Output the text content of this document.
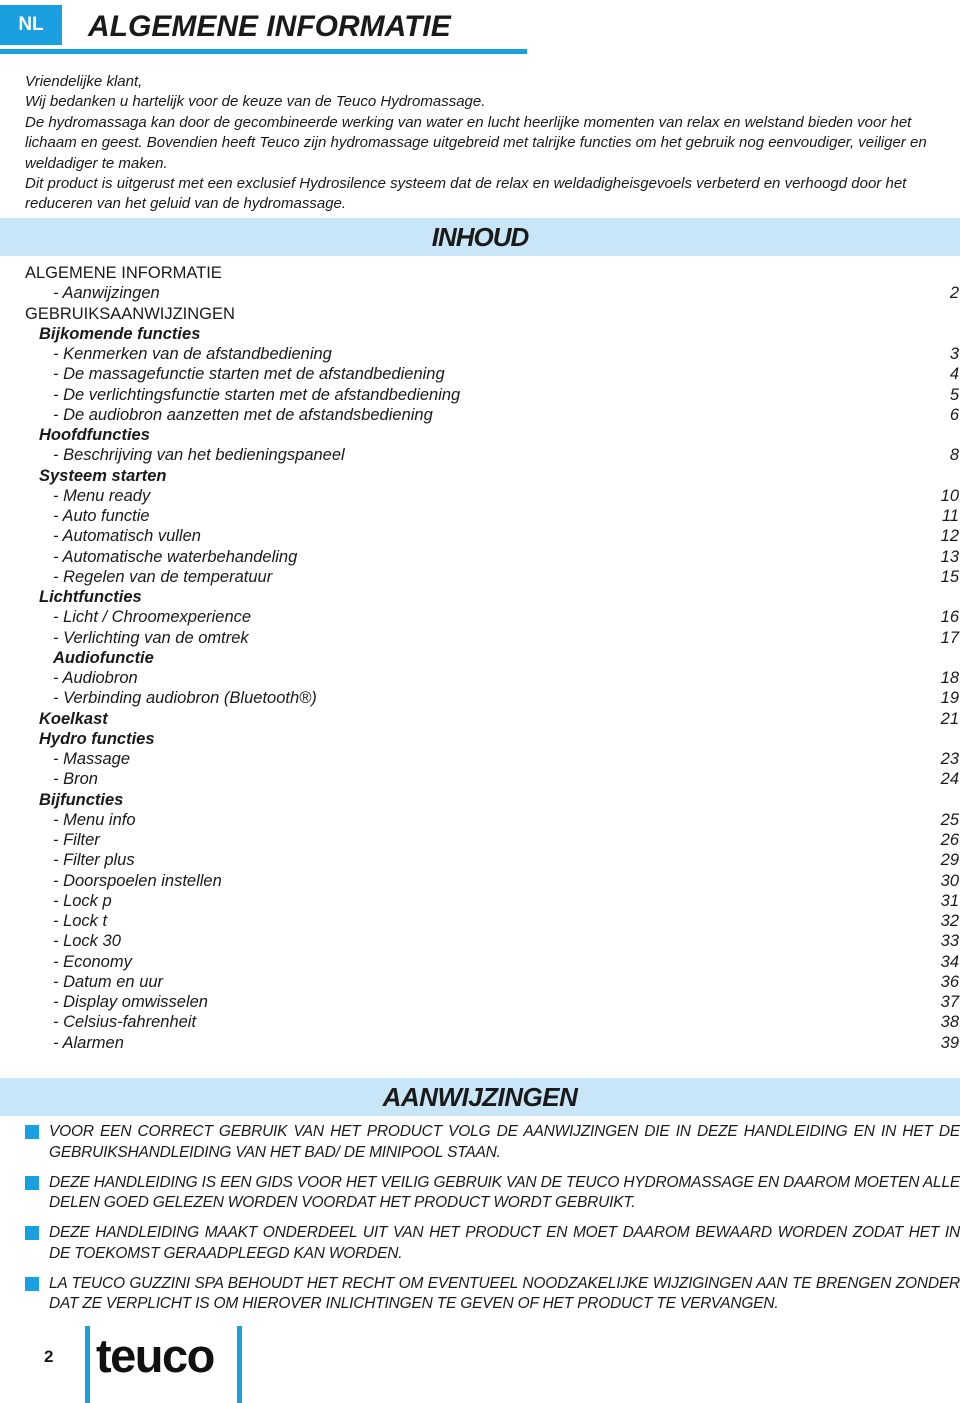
NL	ALGEMENE INFORMATIE
Vriendelijke klant,
Wij bedanken u hartelijk voor de keuze van de Teuco Hydromassage.
De hydromassaga kan door de gecombineerde werking van water en lucht heerlijke momenten van relax en welstand bieden voor het lichaam en geest. Bovendien heeft Teuco zijn hydromassage uitgebreid met talrijke functies om het gebruik nog eenvoudiger, veiliger en weldadiger te maken.
Dit product is uitgerust met een exclusief Hydrosilence systeem dat de relax en weldadigheisgevoels verbeterd en verhoogd door het reduceren van het geluid van de hydromassage.
INHOUD
ALGEMENE INFORMATIE
- Aanwijzingen	2
GEBRUIKSAANWIJZINGEN
Bijkomende functies
- Kenmerken van de afstandbediening	3
- De massagefunctie starten met de afstandbediening	4
- De verlichtingsfunctie starten met de afstandbediening	5
- De audiobron aanzetten met de afstandsbediening	6
Hoofdfuncties
- Beschrijving van het bedieningspaneel	8
Systeem starten
- Menu ready	10
- Auto functie	11
- Automatisch vullen	12
- Automatische waterbehandeling	13
- Regelen van de temperatuur	15
Lichtfuncties
- Licht / Chroomexperience	16
- Verlichting van de omtrek	17
Audiofunctie
- Audiobron	18
- Verbinding audiobron (Bluetooth®)	19
Koelkast	21
Hydro functies
- Massage	23
- Bron	24
Bijfuncties
- Menu info	25
- Filter	26
- Filter plus	29
- Doorspoelen instellen	30
- Lock p	31
- Lock t	32
- Lock 30	33
- Economy	34
- Datum en uur	36
- Display omwisselen	37
- Celsius-fahrenheit	38
- Alarmen	39
AANWIJZINGEN
VOOR EEN CORRECT GEBRUIK VAN HET PRODUCT VOLG DE AANWIJZINGEN DIE IN DEZE HANDLEIDING EN IN HET DE GEBRUIKSHANDLEIDING VAN HET BAD/ DE MINIPOOL STAAN.
DEZE HANDLEIDING IS EEN GIDS VOOR HET VEILIG GEBRUIK VAN DE TEUCO HYDROMASSAGE EN DAAROM MOETEN ALLE DELEN GOED GELEZEN WORDEN VOORDAT HET PRODUCT WORDT GEBRUIKT.
DEZE HANDLEIDING MAAKT ONDERDEEL UIT VAN HET PRODUCT EN MOET DAAROM BEWAARD WORDEN ZODAT HET IN DE TOEKOMST GERAADPLEEGD KAN WORDEN.
LA TEUCO GUZZINI SPA BEHOUDT HET RECHT OM EVENTUEEL NOODZAKELIJKE WIJZIGINGEN AAN TE BRENGEN ZONDER DAT ZE VERPLICHT IS OM HIEROVER INLICHTINGEN TE GEVEN OF HET PRODUCT TE VERVANGEN.
2 teuco
